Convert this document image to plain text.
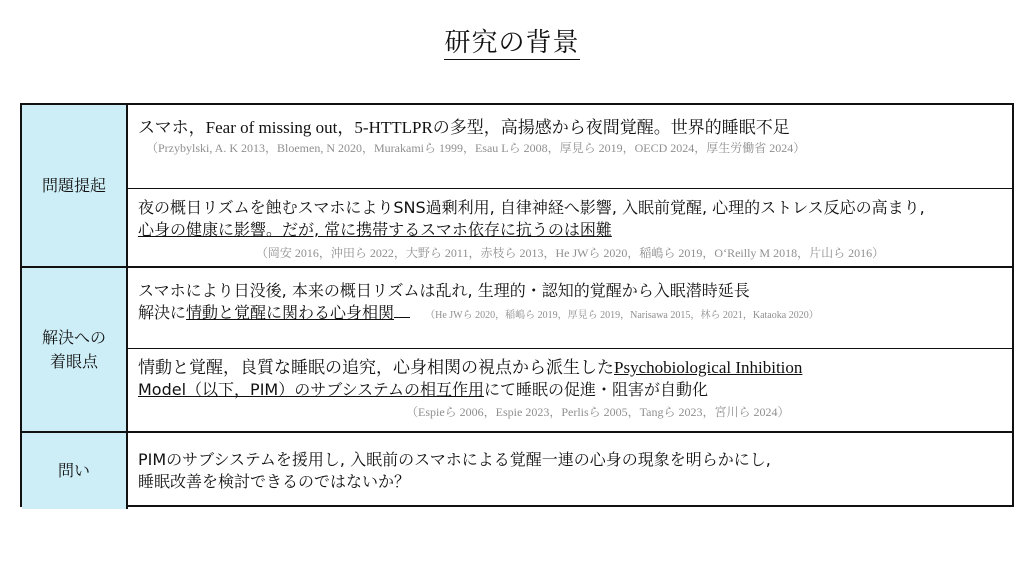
研究の背景
問題提起
スマホ，Fear of missing out，5-HTTLPRの多型，高揚感から夜間覚醒。世界的睡眠不足
（Przybylski, A. K 2013，Bloemen, N 2020，Murakamiら 1999，Esau Lら 2008，厚見ら 2019，OECD 2024，厚生労働省 2024）
夜の概日リズムを蝕むスマホによりSNS過剰利用, 自律神経へ影響, 入眠前覚醒, 心理的ストレス反応の高まり,
心身の健康に影響。だが, 常に携帯するスマホ依存に抗うのは困難
（岡安 2016，沖田ら 2022，大野ら 2011，赤枝ら 2013，He JWら 2020，稲嶋ら 2019，O‘Reilly M 2018，片山ら 2016）
解決への
着眼点
スマホにより日没後, 本来の概日リズムは乱れ, 生理的・認知的覚醒から入眠潜時延長
解決に情動と覚醒に関わる心身相関	（He JWら 2020，稲嶋ら 2019，厚見ら 2019，Narisawa 2015，林ら 2021，Kataoka 2020）
情動と覚醒，良質な睡眠の追究，心身相関の視点から派生したPsychobiological Inhibition
Model（以下，PIM）のサブシステムの相互作用にて睡眠の促進・阻害が自動化
（Espieら 2006，Espie 2023，Perlisら 2005，Tangら 2023，宮川ら 2024）
問い
PIMのサブシステムを援用し, 入眠前のスマホによる覚醒一連の心身の現象を明らかにし,
睡眠改善を検討できるのではないか？
